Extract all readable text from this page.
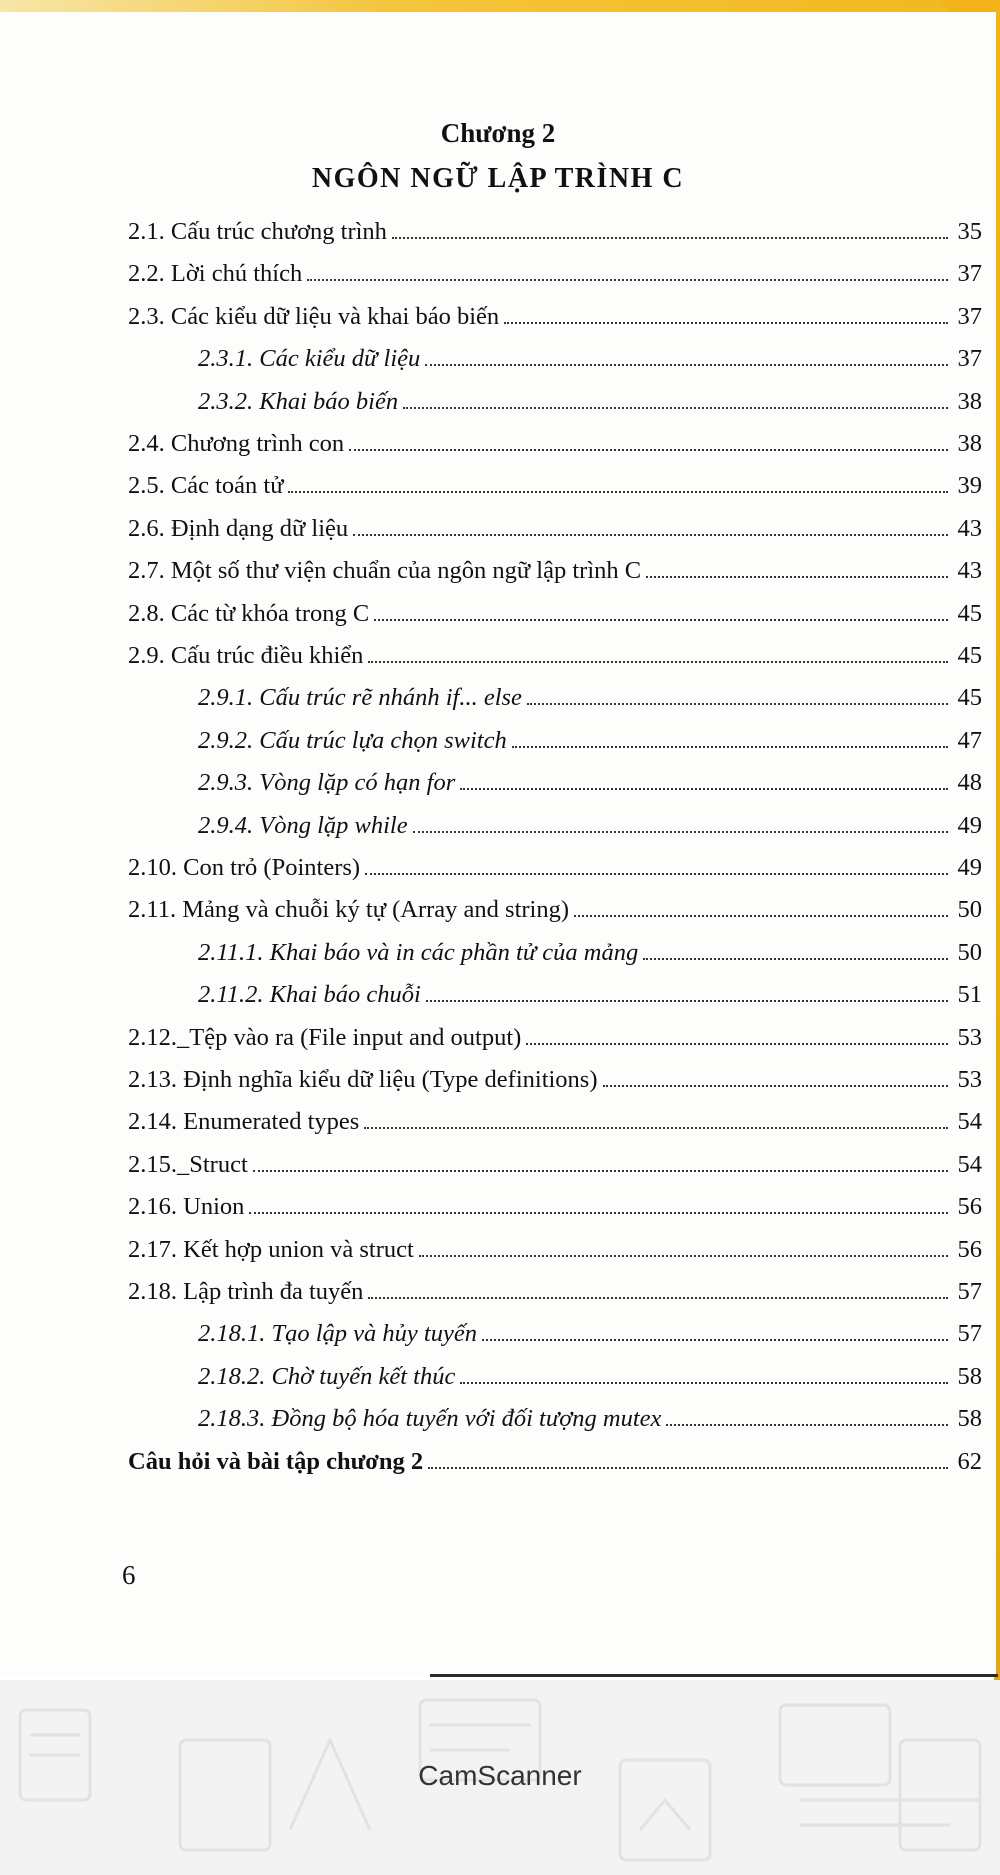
Chương 2
NGÔN NGỮ LẬP TRÌNH C
2.1. Cấu trúc chương trình	35
2.2. Lời chú thích	37
2.3. Các kiểu dữ liệu và khai báo biến	37
2.3.1. Các kiểu dữ liệu	37
2.3.2. Khai báo biến	38
2.4. Chương trình con	38
2.5. Các toán tử	39
2.6. Định dạng dữ liệu	43
2.7. Một số thư viện chuẩn của ngôn ngữ lập trình C	43
2.8. Các từ khóa trong C	45
2.9. Cấu trúc điều khiển	45
2.9.1. Cấu trúc rẽ nhánh if... else	45
2.9.2. Cấu trúc lựa chọn switch	47
2.9.3. Vòng lặp có hạn for	48
2.9.4. Vòng lặp while	49
2.10. Con trỏ (Pointers)	49
2.11. Mảng và chuỗi ký tự (Array and string)	50
2.11.1. Khai báo và in các phần tử của mảng	50
2.11.2. Khai báo chuỗi	51
2.12._Tệp vào ra (File input and output)	53
2.13. Định nghĩa kiểu dữ liệu (Type definitions)	53
2.14. Enumerated types	54
2.15._Struct	54
2.16. Union	56
2.17. Kết hợp union và struct	56
2.18. Lập trình đa tuyến	57
2.18.1. Tạo lập và hủy tuyến	57
2.18.2. Chờ tuyến kết thúc	58
2.18.3. Đồng bộ hóa tuyến với đối tượng mutex	58
Câu hỏi và bài tập chương 2	62
6
CamScanner
